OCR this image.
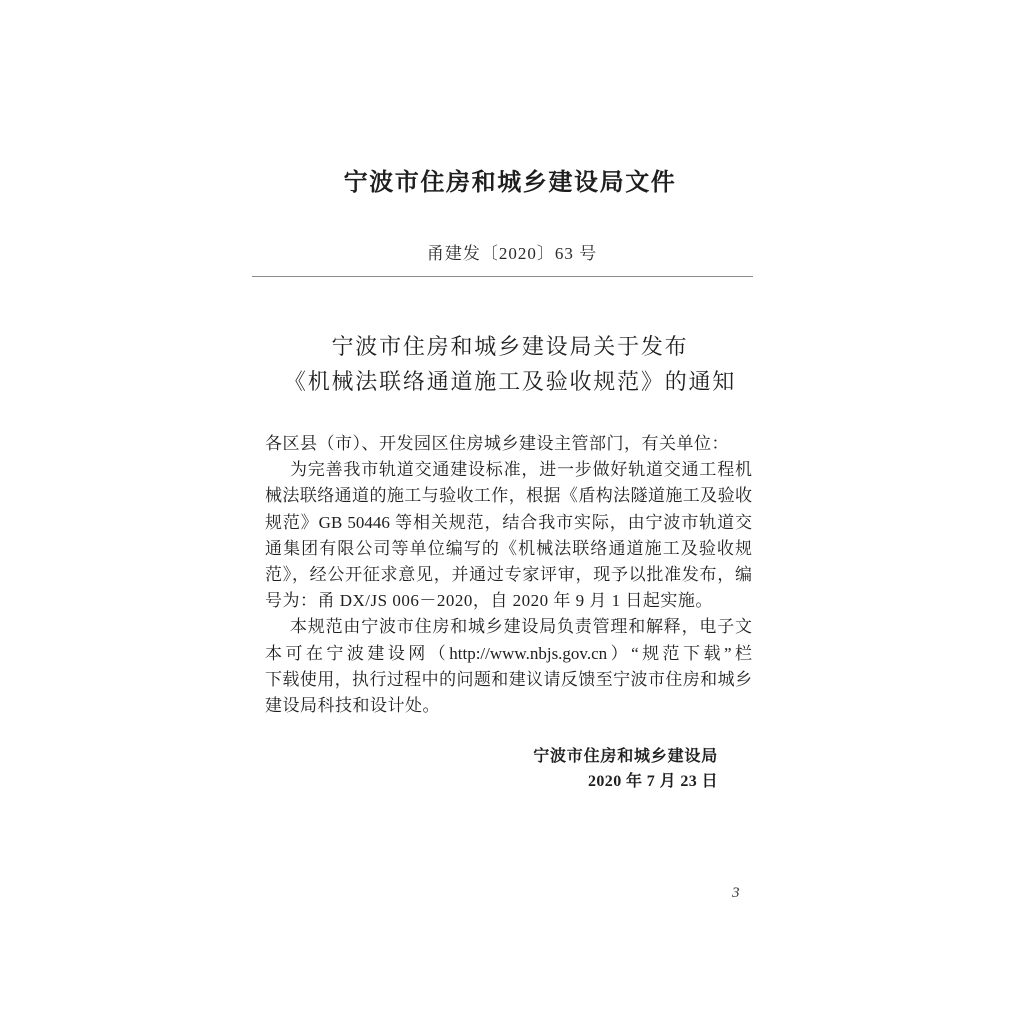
宁波市住房和城乡建设局文件
甬建发〔2020〕63 号
宁波市住房和城乡建设局关于发布
《机械法联络通道施工及验收规范》的通知
各区县（市）、开发园区住房城乡建设主管部门，有关单位：
为完善我市轨道交通建设标准，进一步做好轨道交通工程机
械法联络通道的施工与验收工作，根据《盾构法隧道施工及验收
规范》GB 50446 等相关规范，结合我市实际，由宁波市轨道交
通集团有限公司等单位编写的《机械法联络通道施工及验收规
范》，经公开征求意见，并通过专家评审，现予以批准发布，编
号为：甬 DX/JS 006－2020，自 2020 年 9 月 1 日起实施。
本规范由宁波市住房和城乡建设局负责管理和解释，电子文
本可在宁波建设网（http://www.nbjs.gov.cn）“规范下载”栏
下载使用，执行过程中的问题和建议请反馈至宁波市住房和城乡
建设局科技和设计处。
宁波市住房和城乡建设局
2020 年 7 月 23 日
3
